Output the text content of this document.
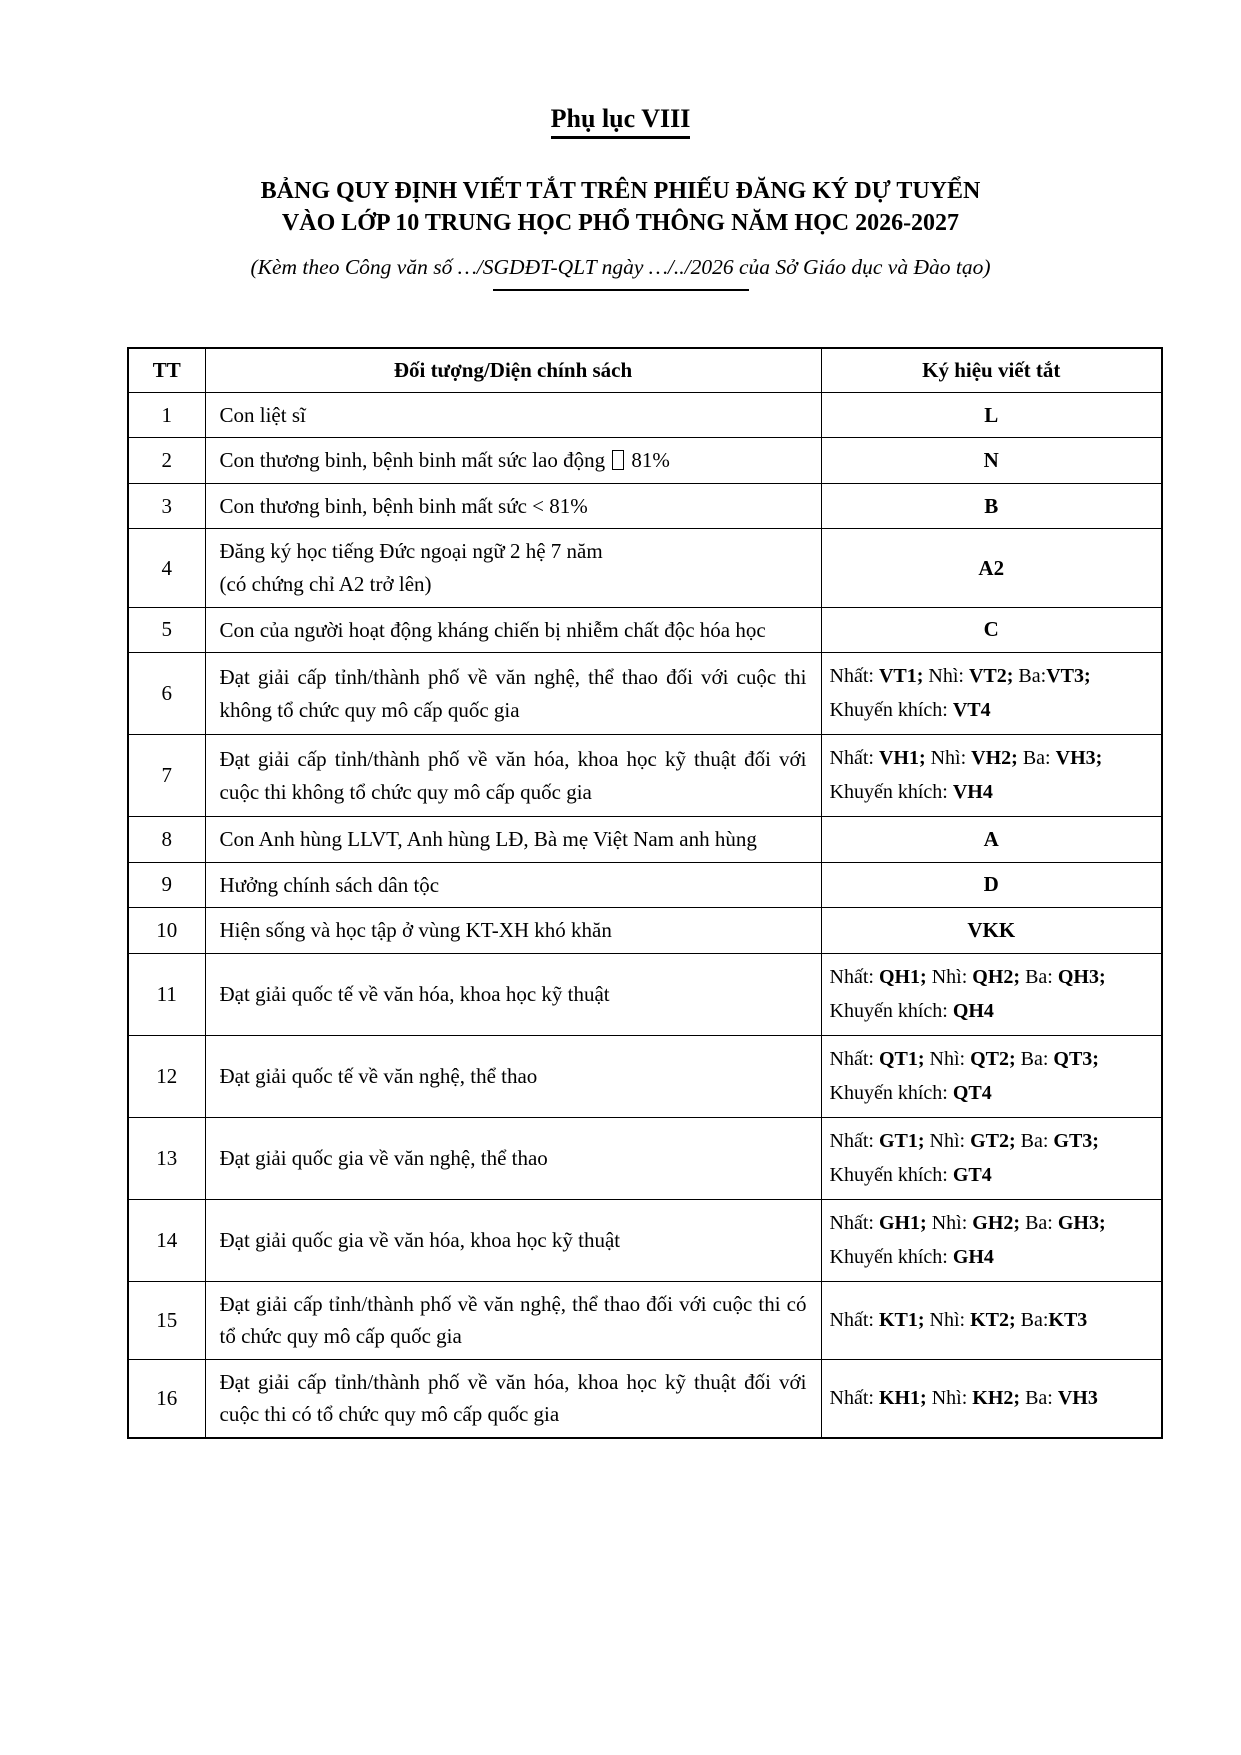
Phụ lục VIII
BẢNG QUY ĐỊNH VIẾT TẮT TRÊN PHIẾU ĐĂNG KÝ DỰ TUYỂN
VÀO LỚP 10 TRUNG HỌC PHỔ THÔNG NĂM HỌC 2026-2027
(Kèm theo Công văn số …/SGDĐT-QLT ngày …/../2026 của Sở Giáo dục và Đào tạo)
TT	Đối tượng/Diện chính sách	Ký hiệu viết tắt
1	Con liệt sĩ	L

2	Con thương binh, bệnh binh mất sức lao động  81%	N

3	Con thương binh, bệnh binh mất sức < 81%	B

4	Đăng ký học tiếng Đức ngoại ngữ 2 hệ 7 năm
(có chứng chỉ A2 trở lên)	A2

5	Con của người hoạt động kháng chiến bị nhiễm chất độc hóa học	C

6	Đạt giải cấp tỉnh/thành phố về văn nghệ, thể thao đối với cuộc thi không tổ chức quy mô cấp quốc gia	Nhất: VT1; Nhì: VT2; Ba:VT3;
Khuyến khích: VT4

7	Đạt giải cấp tỉnh/thành phố về văn hóa, khoa học kỹ thuật đối với cuộc thi không tổ chức quy mô cấp quốc gia	Nhất: VH1; Nhì: VH2; Ba: VH3;
Khuyến khích: VH4

8	Con Anh hùng LLVT, Anh hùng LĐ, Bà mẹ Việt Nam anh hùng	A

9	Hưởng chính sách dân tộc	D

10	Hiện sống và học tập ở vùng KT-XH khó khăn	VKK

11	Đạt giải quốc tế về văn hóa, khoa học kỹ thuật	Nhất: QH1; Nhì: QH2; Ba: QH3;
Khuyến khích: QH4

12	Đạt giải quốc tế về văn nghệ, thể thao	Nhất: QT1; Nhì: QT2; Ba: QT3;
Khuyến khích: QT4

13	Đạt giải quốc gia về văn nghệ, thể thao	Nhất: GT1; Nhì: GT2; Ba: GT3;
Khuyến khích: GT4

14	Đạt giải quốc gia về văn hóa, khoa học kỹ thuật	Nhất: GH1; Nhì: GH2; Ba: GH3;
Khuyến khích: GH4

15	Đạt giải cấp tỉnh/thành phố về văn nghệ, thể thao đối với cuộc thi có tổ chức quy mô cấp quốc gia	Nhất: KT1; Nhì: KT2; Ba:KT3

16	Đạt giải cấp tỉnh/thành phố về văn hóa, khoa học kỹ thuật đối với cuộc thi có tổ chức quy mô cấp quốc gia	Nhất: KH1; Nhì: KH2; Ba: VH3
